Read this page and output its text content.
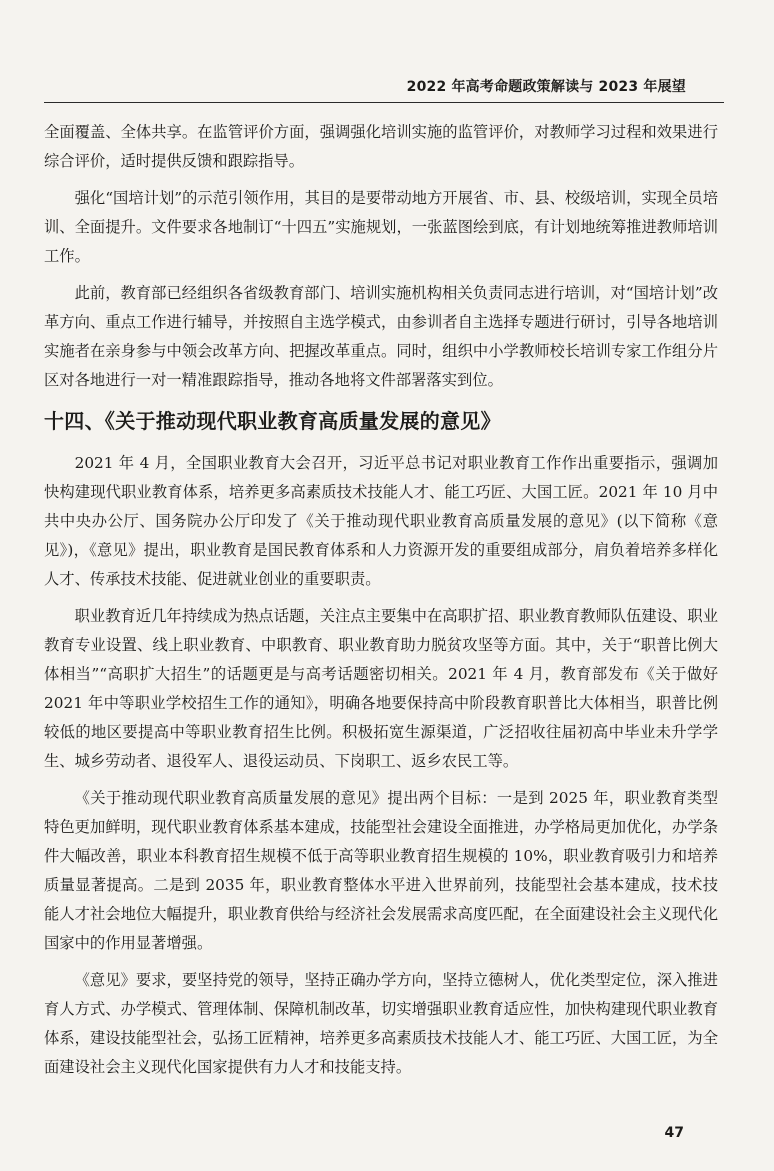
2022 年高考命题政策解读与 2023 年展望

全面覆盖、全体共享。在监管评价方面，强调强化培训实施的监管评价，对教师学习过程和效果进行综合评价，适时提供反馈和跟踪指导。

强化“国培计划”的示范引领作用，其目的是要带动地方开展省、市、县、校级培训，实现全员培训、全面提升。文件要求各地制订“十四五”实施规划，一张蓝图绘到底，有计划地统筹推进教师培训工作。

此前，教育部已经组织各省级教育部门、培训实施机构相关负责同志进行培训，对“国培计划”改革方向、重点工作进行辅导，并按照自主选学模式，由参训者自主选择专题进行研讨，引导各地培训实施者在亲身参与中领会改革方向、把握改革重点。同时，组织中小学教师校长培训专家工作组分片区对各地进行一对一精准跟踪指导，推动各地将文件部署落实到位。

十四、《关于推动现代职业教育高质量发展的意见》

2021 年 4 月，全国职业教育大会召开，习近平总书记对职业教育工作作出重要指示，强调加快构建现代职业教育体系，培养更多高素质技术技能人才、能工巧匠、大国工匠。2021 年 10 月中共中央办公厅、国务院办公厅印发了《关于推动现代职业教育高质量发展的意见》(以下简称《意见》)，《意见》提出，职业教育是国民教育体系和人力资源开发的重要组成部分，肩负着培养多样化人才、传承技术技能、促进就业创业的重要职责。

职业教育近几年持续成为热点话题，关注点主要集中在高职扩招、职业教育教师队伍建设、职业教育专业设置、线上职业教育、中职教育、职业教育助力脱贫攻坚等方面。其中，关于“职普比例大体相当”“高职扩大招生”的话题更是与高考话题密切相关。2021 年 4 月，教育部发布《关于做好 2021 年中等职业学校招生工作的通知》，明确各地要保持高中阶段教育职普比大体相当，职普比例较低的地区要提高中等职业教育招生比例。积极拓宽生源渠道，广泛招收往届初高中毕业未升学学生、城乡劳动者、退役军人、退役运动员、下岗职工、返乡农民工等。

《关于推动现代职业教育高质量发展的意见》提出两个目标：一是到 2025 年，职业教育类型特色更加鲜明，现代职业教育体系基本建成，技能型社会建设全面推进，办学格局更加优化，办学条件大幅改善，职业本科教育招生规模不低于高等职业教育招生规模的 10%，职业教育吸引力和培养质量显著提高。二是到 2035 年，职业教育整体水平进入世界前列，技能型社会基本建成，技术技能人才社会地位大幅提升，职业教育供给与经济社会发展需求高度匹配，在全面建设社会主义现代化国家中的作用显著增强。

《意见》要求，要坚持党的领导，坚持正确办学方向，坚持立德树人，优化类型定位，深入推进育人方式、办学模式、管理体制、保障机制改革，切实增强职业教育适应性，加快构建现代职业教育体系，建设技能型社会，弘扬工匠精神，培养更多高素质技术技能人才、能工巧匠、大国工匠，为全面建设社会主义现代化国家提供有力人才和技能支持。

47
